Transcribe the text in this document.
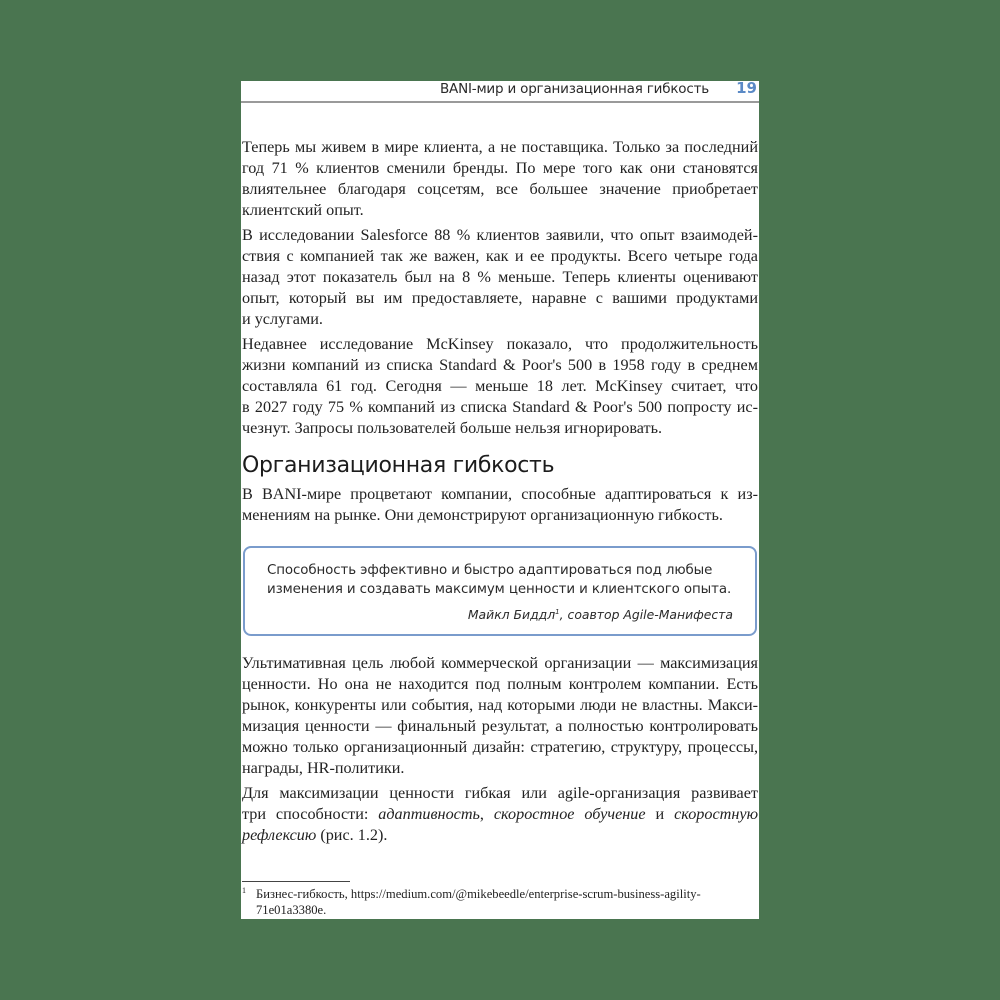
BANI-мир и организационная гибкость 19

Теперь мы живем в мире клиента, а не поставщика. Только за последний
год 71 % клиентов сменили бренды. По мере того как они становятся
влиятельнее благодаря соцсетям, все большее значение приобретает
клиентский опыт.

В исследовании Salesforce 88 % клиентов заявили, что опыт взаимодей-
ствия с компанией так же важен, как и ее продукты. Всего четыре года
назад этот показатель был на 8 % меньше. Теперь клиенты оценивают
опыт, который вы им предоставляете, наравне с вашими продуктами
и услугами.

Недавнее исследование McKinsey показало, что продолжительность
жизни компаний из списка Standard & Poor's 500 в 1958 году в среднем
составляла 61 год. Сегодня — меньше 18 лет. McKinsey считает, что
в 2027 году 75 % компаний из списка Standard & Poor's 500 попросту ис-
чезнут. Запросы пользователей больше нельзя игнорировать.

Организационная гибкость

В BANI-мире процветают компании, способные адаптироваться к из-
менениям на рынке. Они демонстрируют организационную гибкость.

Способность эффективно и быстро адаптироваться под любые
изменения и создавать максимум ценности и клиентского опыта.
Майкл Биддл$^1$, соавтор Agile-Манифеста

Ультимативная цель любой коммерческой организации — максимизация
ценности. Но она не находится под полным контролем компании. Есть
рынок, конкуренты или события, над которыми люди не властны. Макси-
мизация ценности — финальный результат, а полностью контролировать
можно только организационный дизайн: стратегию, структуру, процессы,
награды, HR-политики.

Для максимизации ценности гибкая или agile-организация развивает
три способности: адаптивность, скоростное обучение и скоростную
рефлексию (рис. 1.2).

1 Бизнес-гибкость, https://medium.com/@mikebeedle/enterprise-scrum-business-agility-
71e01a3380e.
